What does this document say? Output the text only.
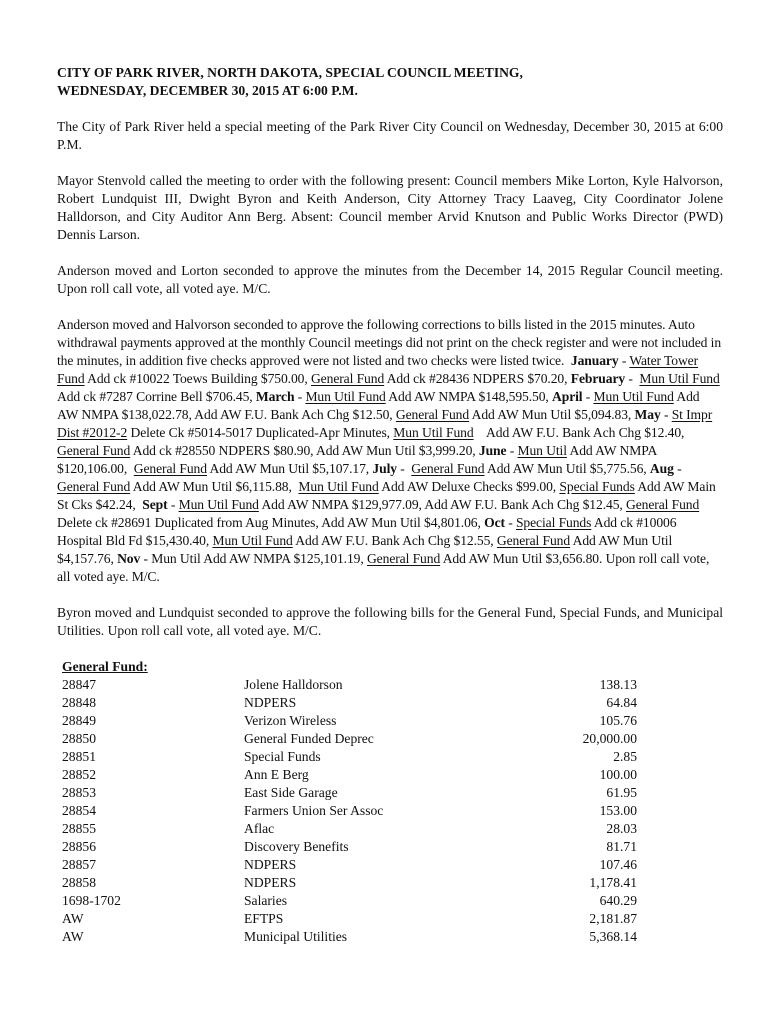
CITY OF PARK RIVER, NORTH DAKOTA, SPECIAL COUNCIL MEETING,
WEDNESDAY, DECEMBER 30, 2015 AT 6:00 P.M.

The City of Park River held a special meeting of the Park River City Council on Wednesday, December 30, 2015 at 6:00 P.M.

Mayor Stenvold called the meeting to order with the following present: Council members Mike Lorton, Kyle Halvorson, Robert Lundquist III, Dwight Byron and Keith Anderson, City Attorney Tracy Laaveg, City Coordinator Jolene Halldorson, and City Auditor Ann Berg. Absent: Council member Arvid Knutson and Public Works Director (PWD) Dennis Larson.

Anderson moved and Lorton seconded to approve the minutes from the December 14, 2015 Regular Council meeting. Upon roll call vote, all voted aye. M/C.

Anderson moved and Halvorson seconded to approve the following corrections to bills listed in the 2015 minutes. Auto withdrawal payments approved at the monthly Council meetings did not print on the check register and were not included in the minutes, in addition five checks approved were not listed and two checks were listed twice. January - Water Tower Fund Add ck #10022 Toews Building $750.00, General Fund Add ck #28436 NDPERS $70.20, February -  Mun Util Fund Add ck #7287 Corrine Bell $706.45, March - Mun Util Fund Add AW NMPA $148,595.50, April - Mun Util Fund Add AW NMPA $138,022.78, Add AW F.U. Bank Ach Chg $12.50, General Fund Add AW Mun Util $5,094.83, May - St Impr Dist #2012-2 Delete Ck #5014-5017 Duplicated-Apr Minutes, Mun Util Fund Add AW F.U. Bank Ach Chg $12.40, General Fund Add ck #28550 NDPERS $80.90, Add AW Mun Util $3,999.20, June - Mun Util Add AW NMPA $120,106.00, General Fund Add AW Mun Util $5,107.17, July -  General Fund Add AW Mun Util $5,775.56, Aug - General Fund Add AW Mun Util $6,115.88, Mun Util Fund Add AW Deluxe Checks $99.00, Special Funds Add AW Main St Cks $42.24, Sept - Mun Util Fund Add AW NMPA $129,977.09, Add AW F.U. Bank Ach Chg $12.45, General Fund Delete ck #28691 Duplicated from Aug Minutes, Add AW Mun Util $4,801.06, Oct - Special Funds Add ck #10006 Hospital Bld Fd $15,430.40, Mun Util Fund Add AW F.U. Bank Ach Chg $12.55, General Fund Add AW Mun Util $4,157.76, Nov - Mun Util Add AW NMPA $125,101.19, General Fund Add AW Mun Util $3,656.80. Upon roll call vote, all voted aye. M/C.

Byron moved and Lundquist seconded to approve the following bills for the General Fund, Special Funds, and Municipal Utilities. Upon roll call vote, all voted aye. M/C.

General Fund:
28847	Jolene Halldorson	138.13
28848	NDPERS	64.84
28849	Verizon Wireless	105.76
28850	General Funded Deprec	20,000.00
28851	Special Funds	2.85
28852	Ann E Berg	100.00
28853	East Side Garage	61.95
28854	Farmers Union Ser Assoc	153.00
28855	Aflac	28.03
28856	Discovery Benefits	81.71
28857	NDPERS	107.46
28858	NDPERS	1,178.41
1698-1702	Salaries	640.29
AW	EFTPS	2,181.87
AW	Municipal Utilities	5,368.14
